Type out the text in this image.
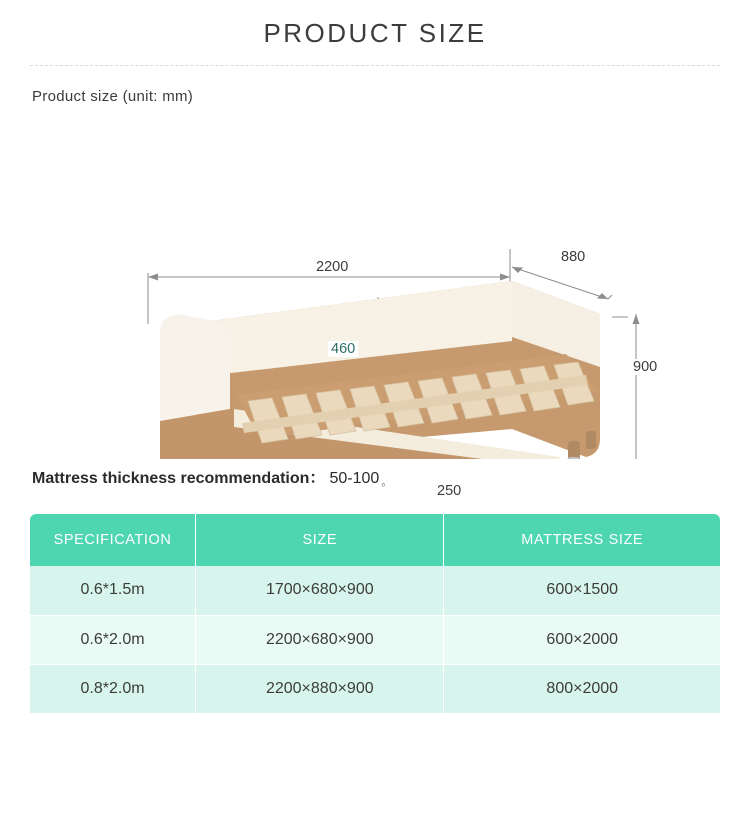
PRODUCT SIZE
Product size (unit: mm)
2200
880
460
900
250
Mattress thickness recommendation： 50-100 。
SPECIFICATION	SIZE	MATTRESS SIZE
0.6*1.5m	1700×680×900	600×1500
0.6*2.0m	2200×680×900	600×2000
0.8*2.0m	2200×880×900	800×2000
